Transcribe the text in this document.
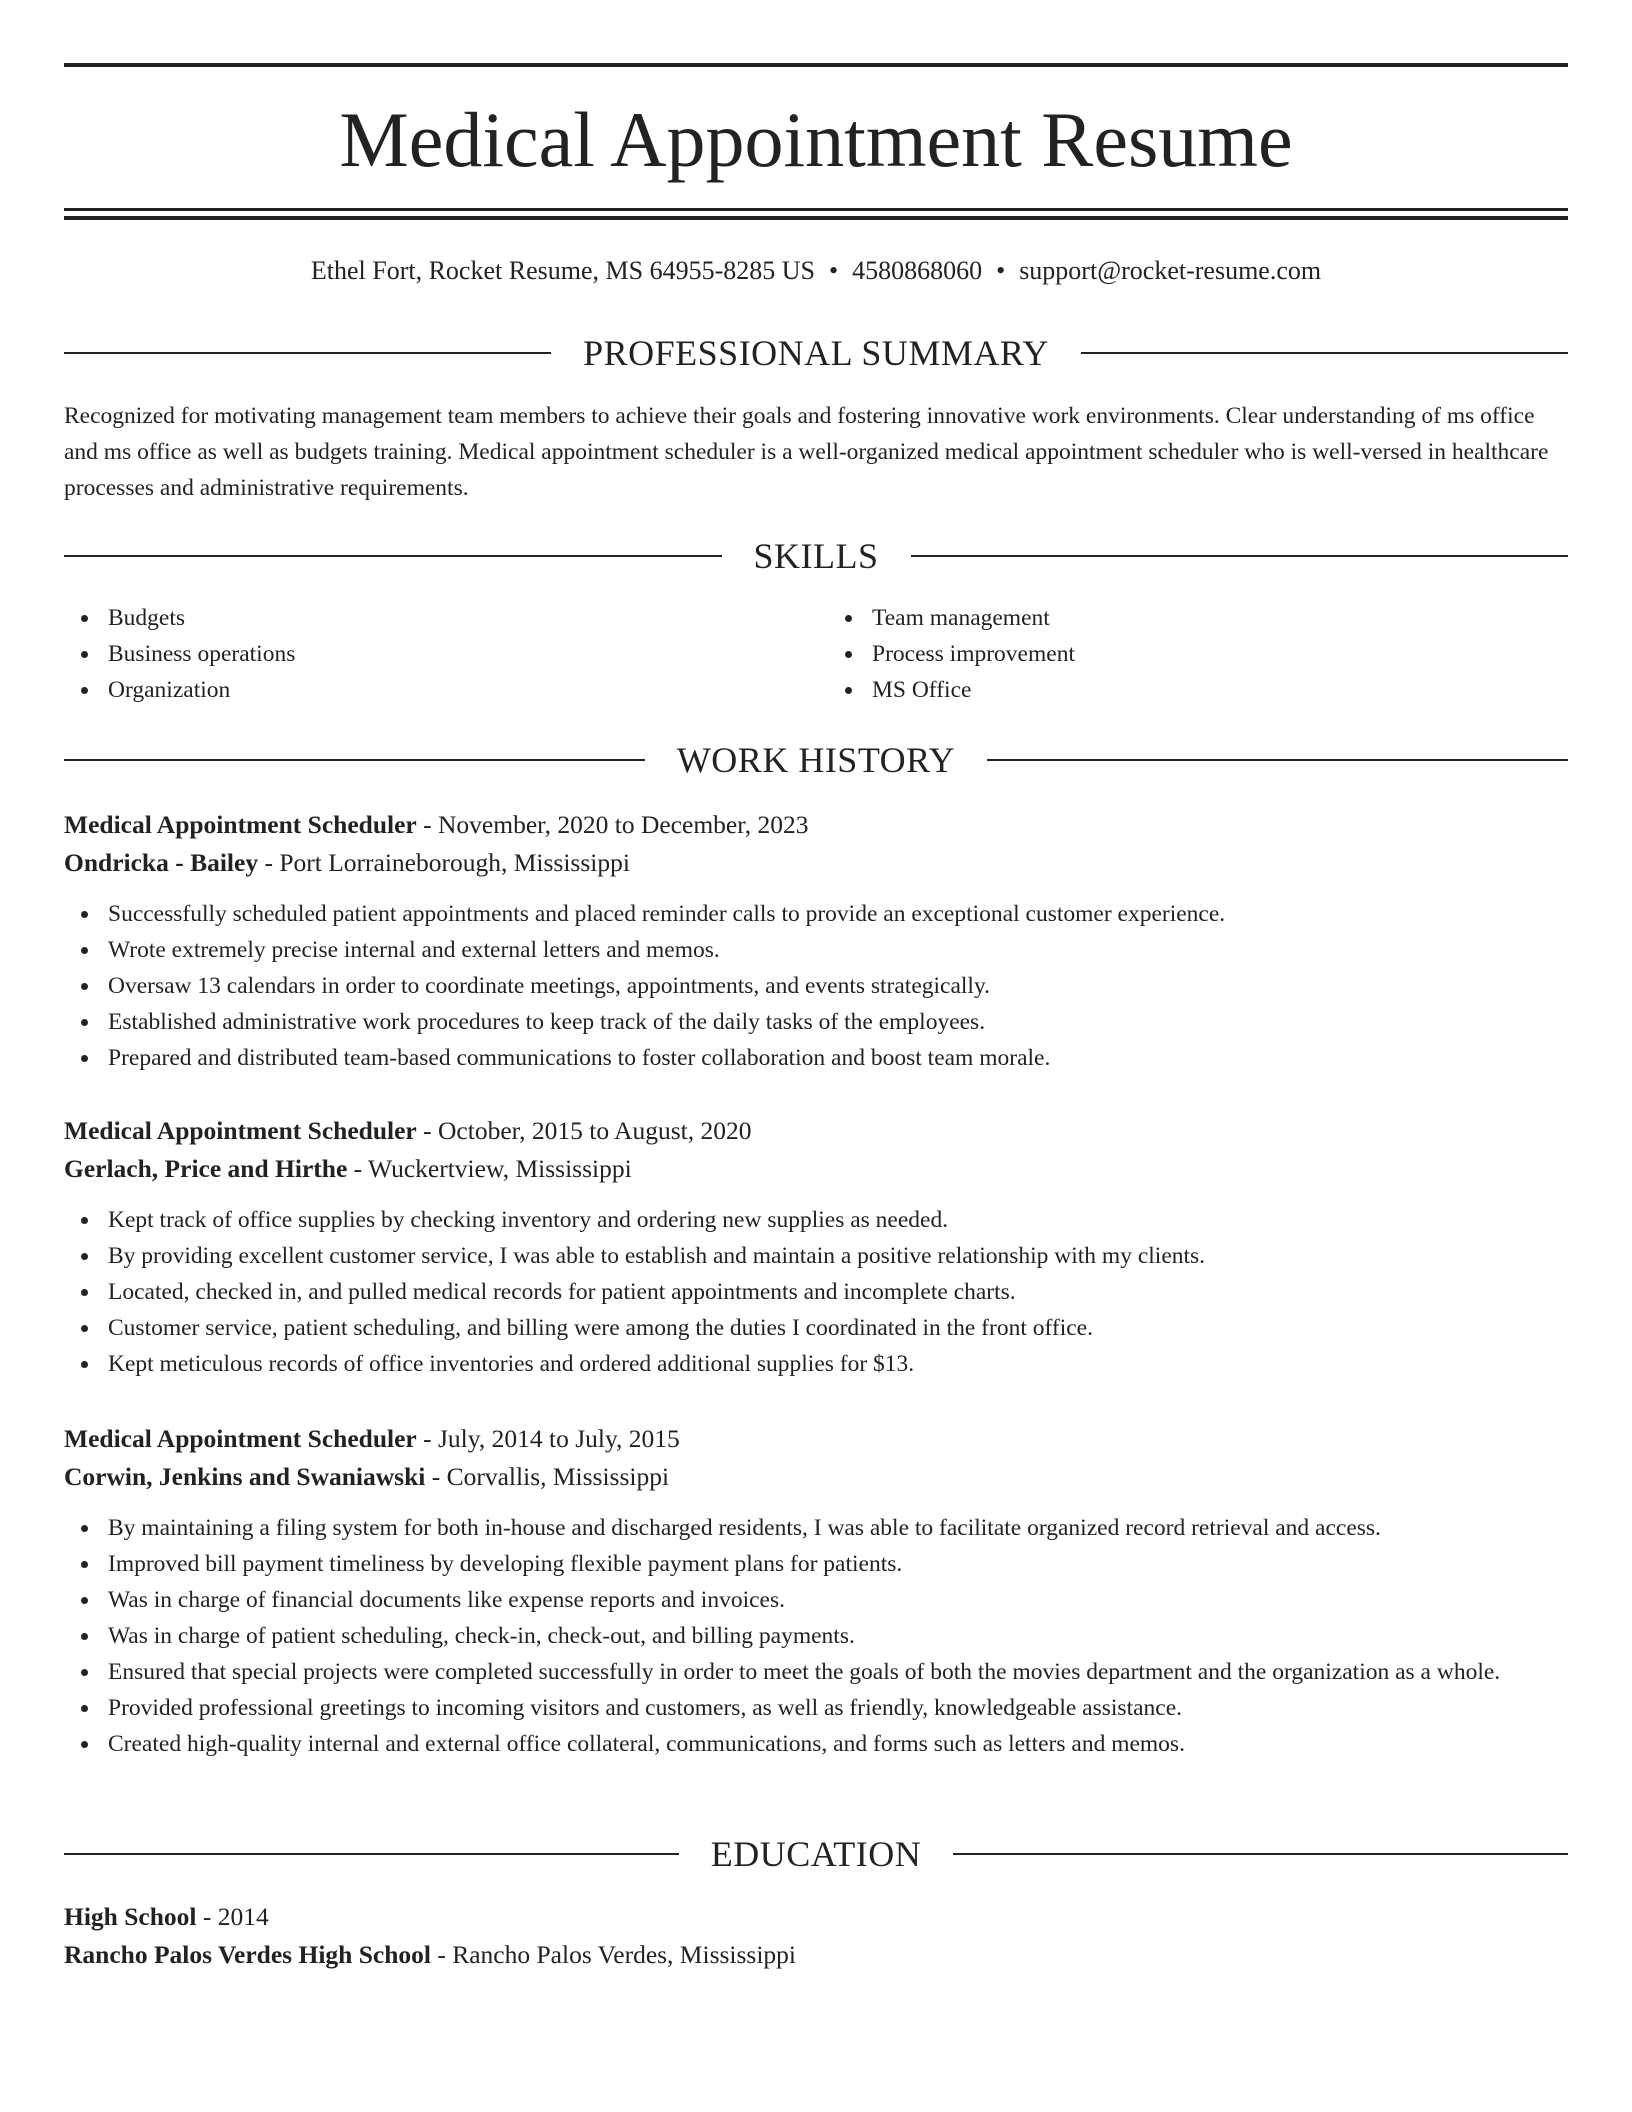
Medical Appointment Resume
Ethel Fort, Rocket Resume, MS 64955-8285 US • 4580868060 • support@rocket-resume.com
PROFESSIONAL SUMMARY

Recognized for motivating management team members to achieve their goals and fostering innovative work environments. Clear understanding of ms office and ms office as well as budgets training. Medical appointment scheduler is a well-organized medical appointment scheduler who is well-versed in healthcare processes and administrative requirements.

SKILLS
Budgets
Business operations
Organization
Team management
Process improvement
MS Office
WORK HISTORY
Medical Appointment Scheduler - November, 2020 to December, 2023
Ondricka - Bailey - Port Lorraineborough, Mississippi
Successfully scheduled patient appointments and placed reminder calls to provide an exceptional customer experience.
Wrote extremely precise internal and external letters and memos.
Oversaw 13 calendars in order to coordinate meetings, appointments, and events strategically.
Established administrative work procedures to keep track of the daily tasks of the employees.
Prepared and distributed team-based communications to foster collaboration and boost team morale.
Medical Appointment Scheduler - October, 2015 to August, 2020
Gerlach, Price and Hirthe - Wuckertview, Mississippi
Kept track of office supplies by checking inventory and ordering new supplies as needed.
By providing excellent customer service, I was able to establish and maintain a positive relationship with my clients.
Located, checked in, and pulled medical records for patient appointments and incomplete charts.
Customer service, patient scheduling, and billing were among the duties I coordinated in the front office.
Kept meticulous records of office inventories and ordered additional supplies for $13.
Medical Appointment Scheduler - July, 2014 to July, 2015
Corwin, Jenkins and Swaniawski - Corvallis, Mississippi
By maintaining a filing system for both in-house and discharged residents, I was able to facilitate organized record retrieval and access.
Improved bill payment timeliness by developing flexible payment plans for patients.
Was in charge of financial documents like expense reports and invoices.
Was in charge of patient scheduling, check-in, check-out, and billing payments.
Ensured that special projects were completed successfully in order to meet the goals of both the movies department and the organization as a whole.
Provided professional greetings to incoming visitors and customers, as well as friendly, knowledgeable assistance.
Created high-quality internal and external office collateral, communications, and forms such as letters and memos.
EDUCATION
High School - 2014
Rancho Palos Verdes High School - Rancho Palos Verdes, Mississippi
